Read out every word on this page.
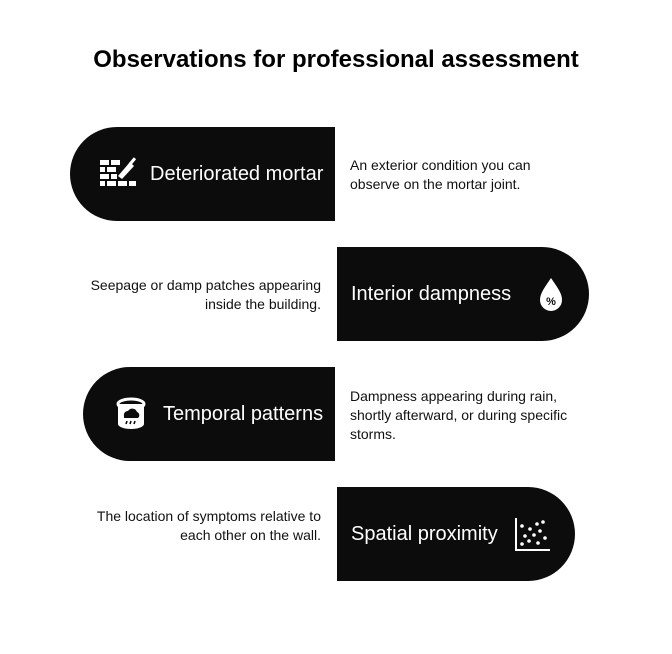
Observations for professional assessment
Deteriorated mortar An exterior condition you can observe on the mortar joint.
Interior dampness	%
Seepage or damp patches appearing inside the building.
Temporal patterns
Dampness appearing during rain, shortly afterward, or during specific storms.
Spatial proximity
The location of symptoms relative to each other on the wall.
